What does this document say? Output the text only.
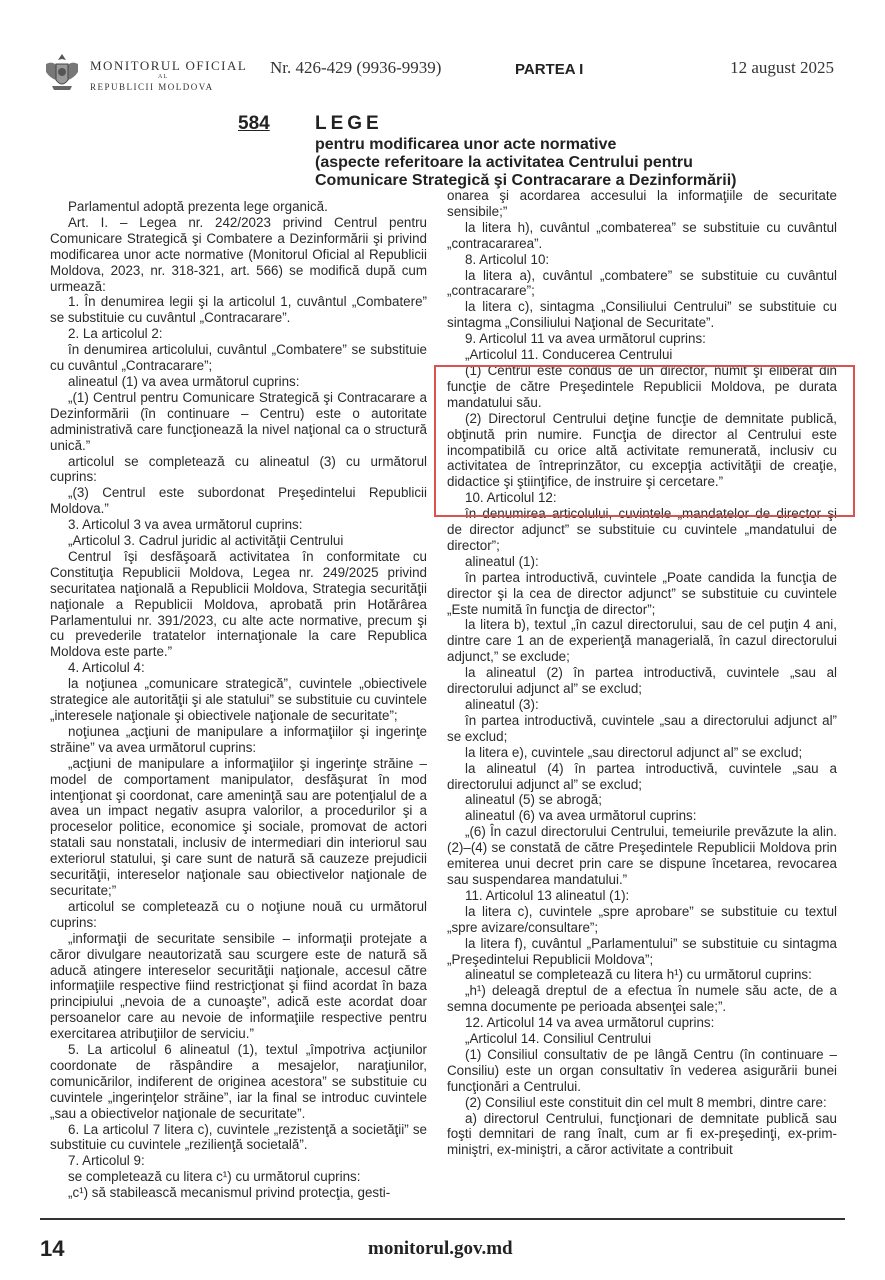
MONITORUL OFICIAL
AL
REPUBLICII MOLDOVA
Nr. 426-429 (9936-9939)	PARTEA I	12 august 2025
584 LEGE
pentru modificarea unor acte normative
(aspecte referitoare la activitatea Centrului pentru
Comunicare Strategică şi Contracarare a Dezinformării)

Parlamentul adoptă prezenta lege organică.

Art. I. – Legea nr. 242/2023 privind Centrul pentru Comunicare Strategică şi Combatere a Dezinformării şi privind modificarea unor acte normative (Monitorul Oficial al Republicii Moldova, 2023, nr. 318-321, art. 566) se modifică după cum urmează:

1. În denumirea legii şi la articolul 1, cuvântul „Combatere” se substituie cu cuvântul „Contracarare”.

2. La articolul 2:

în denumirea articolului, cuvântul „Combatere” se substituie cu cuvântul „Contracarare”;

alineatul (1) va avea următorul cuprins:

„(1) Centrul pentru Comunicare Strategică şi Contracarare a Dezinformării (în continuare – Centru) este o autoritate administrativă care funcţionează la nivel naţional ca o structură unică.”

articolul se completează cu alineatul (3) cu următorul cuprins:

„(3) Centrul este subordonat Preşedintelui Republicii Moldova.”

3. Articolul 3 va avea următorul cuprins:

„Articolul 3. Cadrul juridic al activităţii Centrului

Centrul îşi desfăşoară activitatea în conformitate cu Constituţia Republicii Moldova, Legea nr. 249/2025 privind securitatea naţională a Republicii Moldova, Strategia securităţii naţionale a Republicii Moldova, aprobată prin Hotărârea Parlamentului nr. 391/2023, cu alte acte normative, precum şi cu prevederile tratatelor internaţionale la care Republica Moldova este parte.”

4. Articolul 4:

la noţiunea „comunicare strategică”, cuvintele „obiectivele strategice ale autorităţii şi ale statului” se substituie cu cuvintele „interesele naţionale şi obiectivele naţionale de securitate”;

noţiunea „acţiuni de manipulare a informaţiilor şi ingerinţe străine” va avea următorul cuprins:

„acţiuni de manipulare a informaţiilor şi ingerinţe străine – model de comportament manipulator, desfăşurat în mod intenţionat şi coordonat, care ameninţă sau are potenţialul de a avea un impact negativ asupra valorilor, a procedurilor şi a proceselor politice, economice şi sociale, promovat de actori statali sau nonstatali, inclusiv de intermediari din interiorul sau exteriorul statului, şi care sunt de natură să cauzeze prejudicii securităţii, intereselor naţionale sau obiectivelor naţionale de securitate;”

articolul se completează cu o noţiune nouă cu următorul cuprins:

„informaţii de securitate sensibile – informaţii protejate a căror divulgare neautorizată sau scurgere este de natură să aducă atingere intereselor securităţii naţionale, accesul către informaţiile respective fiind restricţionat şi fiind acordat în baza principiului „nevoia de a cunoaşte”, adică este acordat doar persoanelor care au nevoie de informaţiile respective pentru exercitarea atribuţiilor de serviciu.”

5. La articolul 6 alineatul (1), textul „împotriva acţiunilor coordonate de răspândire a mesajelor, naraţiunilor, comunicărilor, indiferent de originea acestora” se substituie cu cuvintele „ingerinţelor străine”, iar la final se introduc cuvintele „sau a obiectivelor naţionale de securitate”.

6. La articolul 7 litera c), cuvintele „rezistenţă a societăţii” se substituie cu cuvintele „rezilienţă societală”.

7. Articolul 9:

se completează cu litera c¹) cu următorul cuprins:

„c¹) să stabilească mecanismul privind protecţia, gesti-

onarea şi acordarea accesului la informaţiile de securitate sensibile;”

la litera h), cuvântul „combaterea” se substituie cu cuvântul „contracararea”.

8. Articolul 10:

la litera a), cuvântul „combatere” se substituie cu cuvântul „contracarare”;

la litera c), sintagma „Consiliului Centrului” se substituie cu sintagma „Consiliului Naţional de Securitate”.

9. Articolul 11 va avea următorul cuprins:

„Articolul 11. Conducerea Centrului

(1) Centrul este condus de un director, numit şi eliberat din funcţie de către Preşedintele Republicii Moldova, pe durata mandatului său.

(2) Directorul Centrului deţine funcţie de demnitate publică, obţinută prin numire. Funcţia de director al Centrului este incompatibilă cu orice altă activitate remunerată, inclusiv cu activitatea de întreprinzător, cu excepţia activităţii de creaţie, didactice şi ştiinţifice, de instruire şi cercetare.”

10. Articolul 12:

în denumirea articolului, cuvintele „mandatelor de director şi de director adjunct” se substituie cu cuvintele „mandatului de director”;

alineatul (1):

în partea introductivă, cuvintele „Poate candida la funcţia de director şi la cea de director adjunct” se substituie cu cuvintele „Este numită în funcţia de director”;

la litera b), textul „în cazul directorului, sau de cel puţin 4 ani, dintre care 1 an de experienţă managerială, în cazul directorului adjunct,” se exclude;

la alineatul (2) în partea introductivă, cuvintele „sau al directorului adjunct al” se exclud;

alineatul (3):

în partea introductivă, cuvintele „sau a directorului adjunct al” se exclud;

la litera e), cuvintele „sau directorul adjunct al” se exclud;

la alineatul (4) în partea introductivă, cuvintele „sau a directorului adjunct al” se exclud;

alineatul (5) se abrogă;

alineatul (6) va avea următorul cuprins:

„(6) În cazul directorului Centrului, temeiurile prevăzute la alin. (2)–(4) se constată de către Preşedintele Republicii Moldova prin emiterea unui decret prin care se dispune încetarea, revocarea sau suspendarea mandatului.”

11. Articolul 13 alineatul (1):

la litera c), cuvintele „spre aprobare” se substituie cu textul „spre avizare/consultare”;

la litera f), cuvântul „Parlamentului” se substituie cu sintagma „Preşedintelui Republicii Moldova”;

alineatul se completează cu litera h¹) cu următorul cuprins:

„h¹) deleagă dreptul de a efectua în numele său acte, de a semna documente pe perioada absenţei sale;”.

12. Articolul 14 va avea următorul cuprins:

„Articolul 14. Consiliul Centrului

(1) Consiliul consultativ de pe lângă Centru (în continuare – Consiliu) este un organ consultativ în vederea asigurării bunei funcţionări a Centrului.

(2) Consiliul este constituit din cel mult 8 membri, dintre care:

a) directorul Centrului, funcţionari de demnitate publică sau foşti demnitari de rang înalt, cum ar fi ex-preşedinţi, ex-prim-miniştri, ex-miniştri, a căror activitate a contribuit

14	monitorul.gov.md
